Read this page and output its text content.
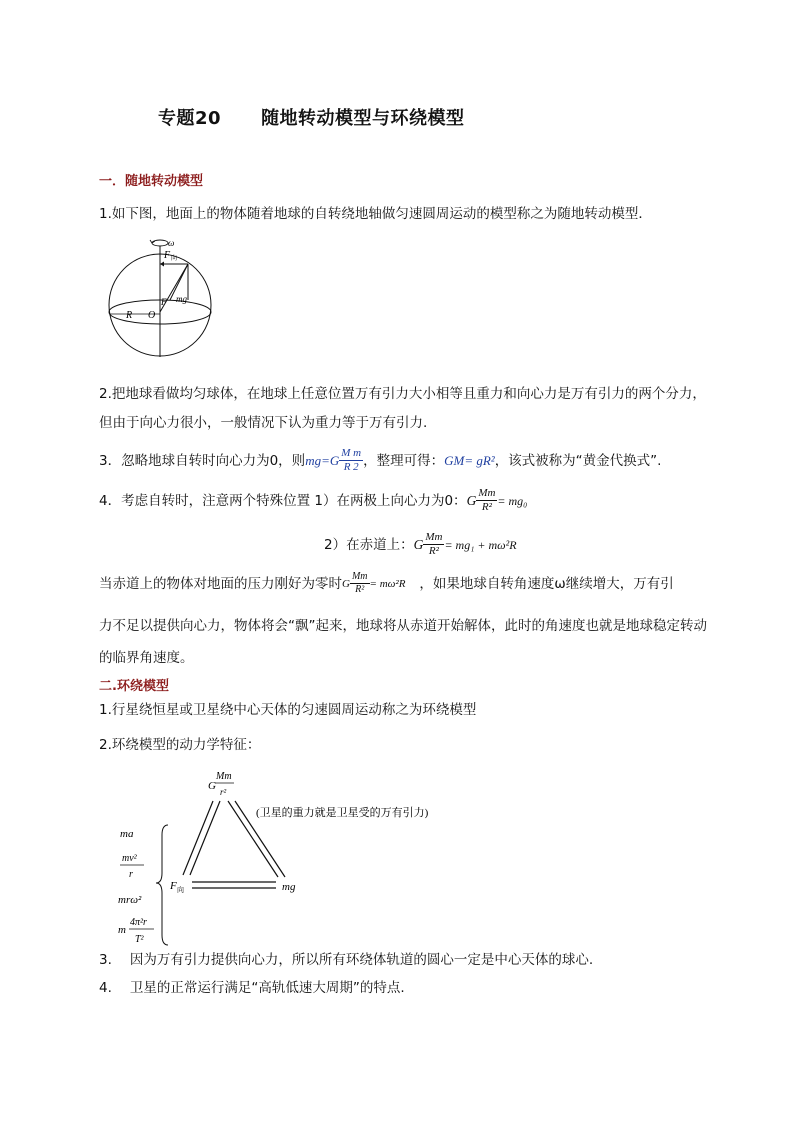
专题20 随地转动模型与环绕模型
一．随地转动模型
1.如下图，地面上的物体随着地球的自转绕地轴做匀速圆周运动的模型称之为随地转动模型．
ω
F 向
F mg
R O
2.把地球看做均匀球体，在地球上任意位置万有引力大小相等且重力和向心力是万有引力的两个分力，
但由于向心力很小，一般情况下认为重力等于万有引力.
3．忽略地球自转时向心力为0，则 $mg=G \frac{\text{M m}}{R 2}$ ，整理可得： GM= gR² ，该式被称为“黄金代换式”.
4．考虑自转时，注意两个特殊位置 1）在两极上向心力为0： G $\frac{Mm}{\text{R²}} = mg_0$
2）在赤道上： G $\frac{Mm}{\text{R²}} = mg_1 + m\omega^2R$
当赤道上的物体对地面的压力刚好为零时 G $\frac{Mm}{\text{R²}} = m\omega^2R$ ，如果地球自转角速度ω继续增大，万有引
力不足以提供向心力，物体将会“飘”起来，地球将从赤道开始解体，此时的角速度也就是地球稳定转动
的临界角速度。
二.环绕模型
1.行星绕恒星或卫星绕中心天体的匀速圆周运动称之为环绕模型
2.环绕模型的动力学特征：
G
Mm
r²
(卫星的重力就是卫星受的万有引力)
F 向	mg
ma
mv²
r
mrω²
m
4π²r
T²
3. 因为万有引力提供向心力，所以所有环绕体轨道的圆心一定是中心天体的球心.
4. 卫星的正常运行满足“高轨低速大周期”的特点.
